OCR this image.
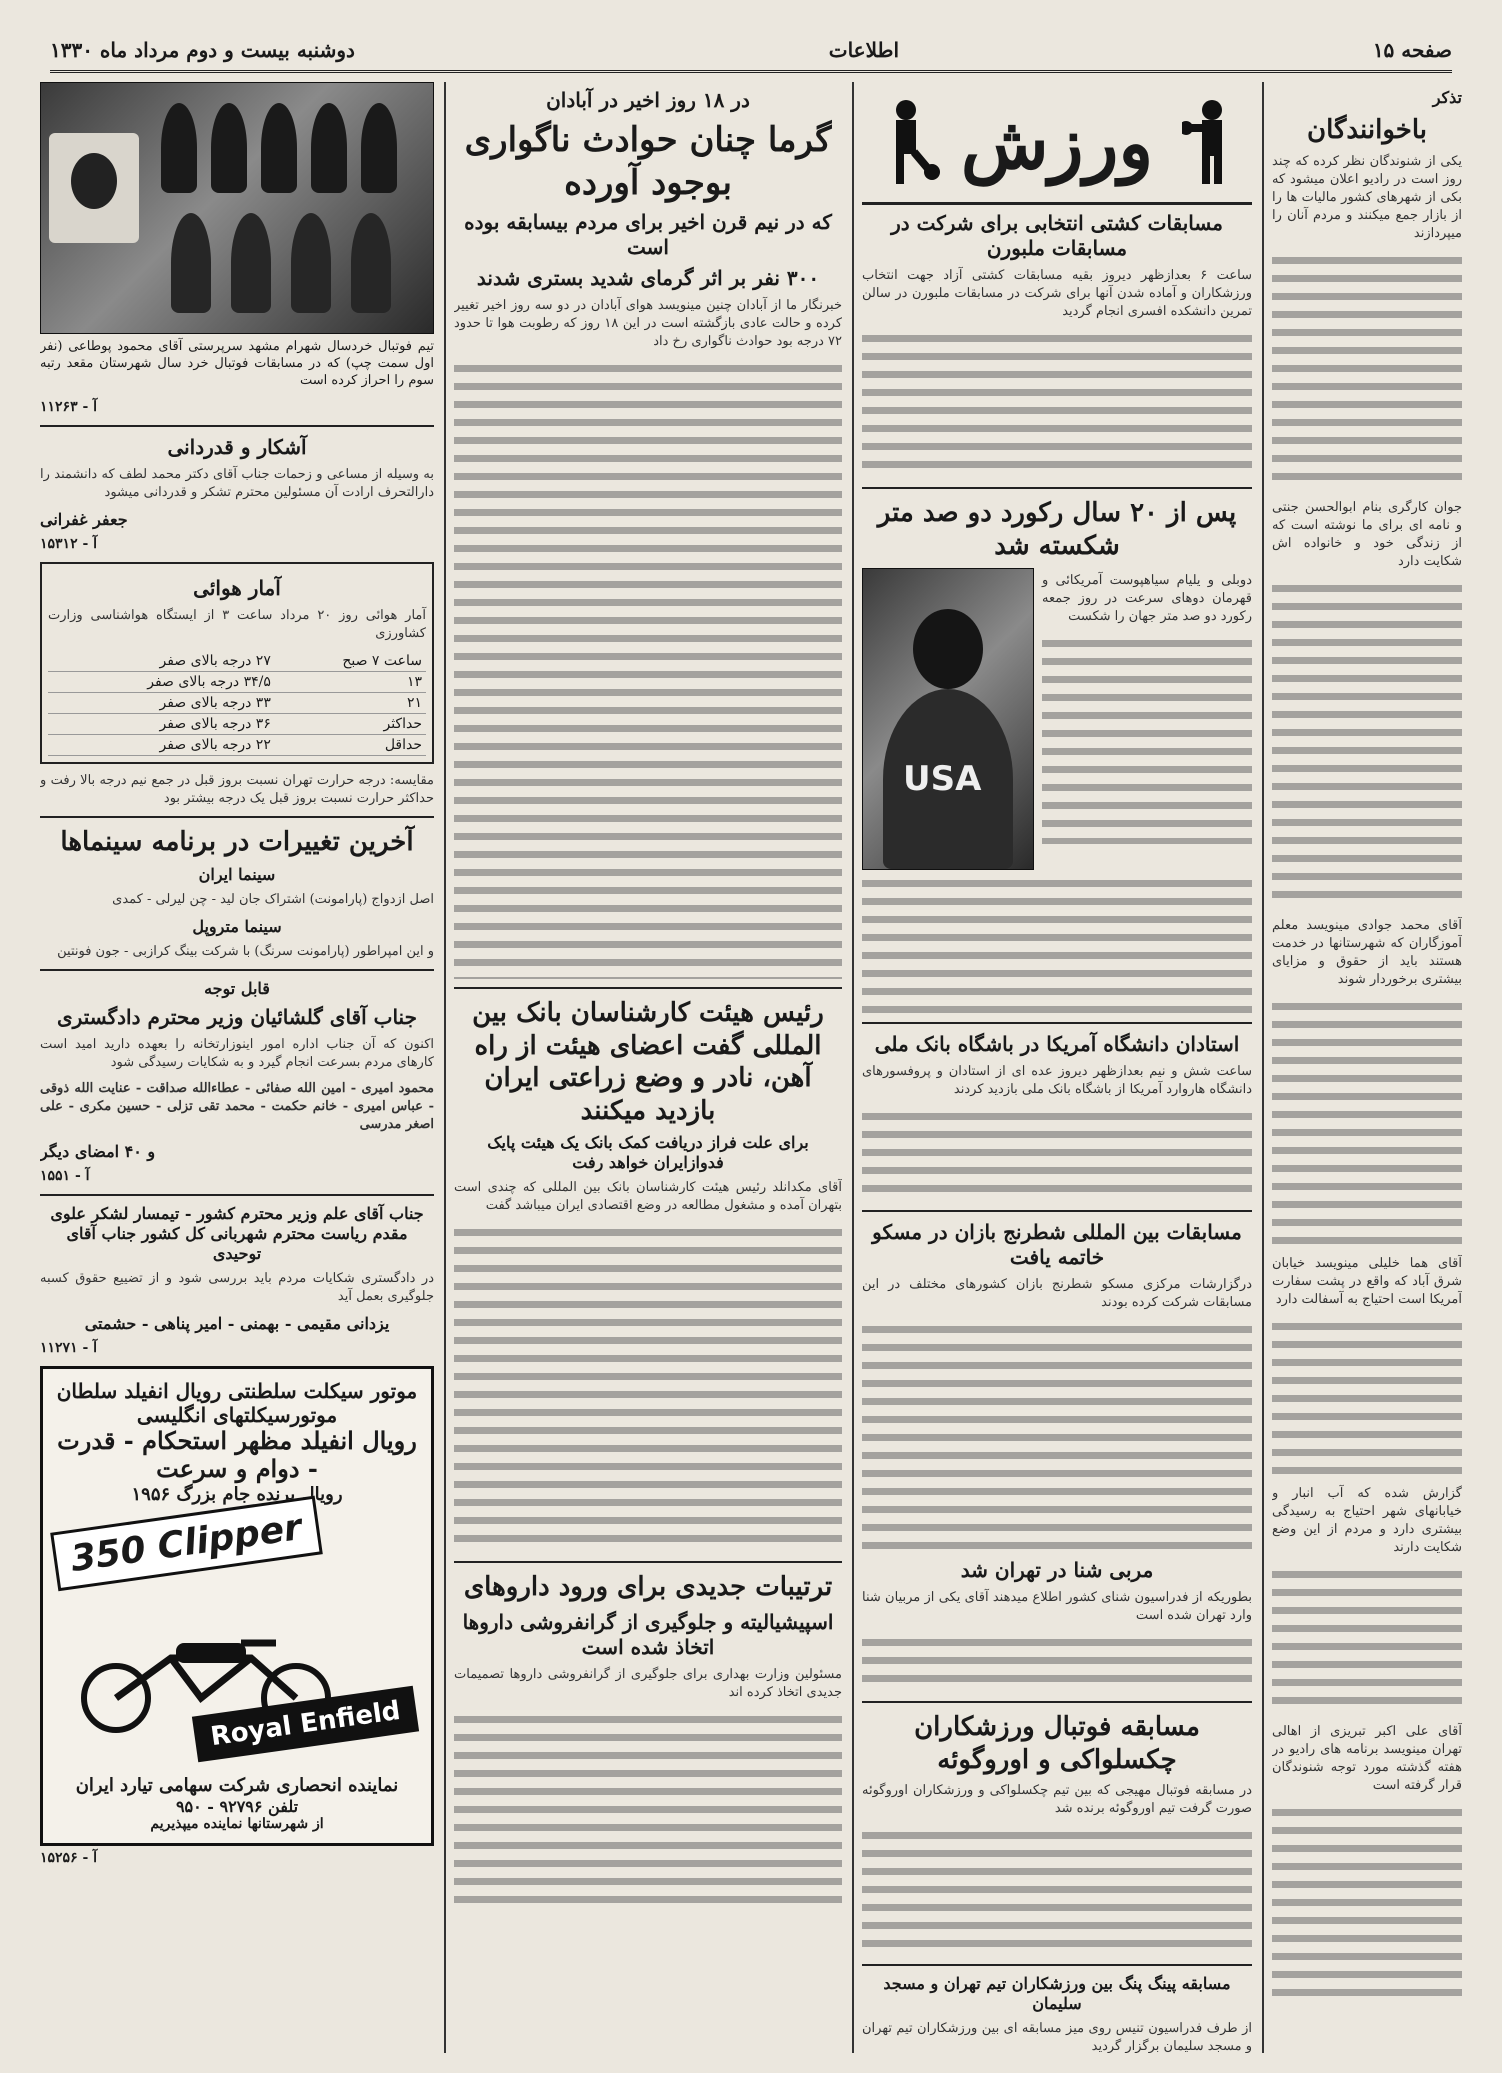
صفحه ۱۵
اطلاعات
دوشنبه بیست و دوم مرداد ماه ۱۳۳۰
تذکر
باخوانندگان
یکی از شنوندگان نظر کرده که چند روز است در رادیو اعلان میشود که بکی از شهرهای کشور مالیات ها را از بازار جمع میکنند و مردم آنان را میپردازند
جوان کارگری بنام ابوالحسن جنتی و نامه ای برای ما نوشته است که از زندگی خود و خانواده اش شکایت دارد
آقای محمد جوادی مینویسد معلم آموزگاران که شهرستانها در خدمت هستند باید از حقوق و مزایای بیشتری برخوردار شوند
آقای هما خلیلی مینویسد خیابان شرق آباد که واقع در پشت سفارت آمریکا است احتیاج به آسفالت دارد
گزارش شده که آب انبار و خیابانهای شهر احتیاج به رسیدگی بیشتری دارد و مردم از این وضع شکایت دارند
آقای علی اکبر تبریزی از اهالی تهران مینویسد برنامه های رادیو در هفته گذشته مورد توجه شنوندگان قرار گرفته است
ورزش
مسابقات کشتی انتخابی برای شرکت در مسابقات ملبورن
ساعت ۶ بعدازظهر دیروز بقیه مسابقات کشتی آزاد جهت انتخاب ورزشکاران و آماده شدن آنها برای شرکت در مسابقات ملبورن در سالن تمرین دانشکده افسری انجام گردید
پس از ۲۰ سال رکورد دو صد متر شکسته شد
دوبلی و یلیام سیاهپوست آمریکائی و قهرمان دوهای سرعت در روز جمعه رکورد دو صد متر جهان را شکست
USA
استادان دانشگاه آمریکا در باشگاه بانک ملی
ساعت شش و نیم بعدازظهر دیروز عده ای از استادان و پروفسورهای دانشگاه هاروارد آمریکا از باشگاه بانک ملی بازدید کردند
مسابقات بین المللی شطرنج بازان در مسکو خاتمه یافت
درگزارشات مرکزی مسکو شطرنج بازان کشورهای مختلف در این مسابقات شرکت کرده بودند
مربی شنا در تهران شد
بطوریکه از فدراسیون شنای کشور اطلاع میدهند آقای یکی از مربیان شنا وارد تهران شده است
مسابقه فوتبال ورزشکاران چکسلواکی و اوروگوئه
در مسابقه فوتبال مهیجی که بین تیم چکسلواکی و ورزشکاران اوروگوئه صورت گرفت تیم اوروگوئه برنده شد
مسابقه پینگ پنگ بین ورزشکاران تیم تهران و مسجد سلیمان
از طرف فدراسیون تنیس روی میز مسابقه ای بین ورزشکاران تیم تهران و مسجد سلیمان برگزار گردید
در ۱۸ روز اخیر در آبادان
گرما چنان حوادث ناگواری بوجود آورده
که در نیم قرن اخیر برای مردم بیسابقه بوده است
۳۰۰ نفر بر اثر گرمای شدید بستری شدند
خبرنگار ما از آبادان چنین مینویسد هوای آبادان در دو سه روز اخیر تغییر کرده و حالت عادی بازگشته است در این ۱۸ روز که رطوبت هوا تا حدود ۷۲ درجه بود حوادث ناگواری رخ داد
رئیس هیئت کارشناسان بانک بین المللی گفت اعضای هیئت از راه آهن، نادر و وضع زراعتی ایران بازدید میکنند
برای علت فراز دریافت کمک بانک یک هیئت پایک فدوازایران خواهد رفت
آقای مکدانلد رئیس هیئت کارشناسان بانک بین المللی که چندی است بتهران آمده و مشغول مطالعه در وضع اقتصادی ایران میباشد گفت
ترتیبات جدیدی برای ورود داروهای
اسپیشیالیته و جلوگیری از گرانفروشی داروها اتخاذ شده است
مسئولین وزارت بهداری برای جلوگیری از گرانفروشی داروها تصمیمات جدیدی اتخاذ کرده اند
تیم فوتبال خردسال شهرام مشهد سرپرستی آقای محمود پوطاعی (نفر اول سمت چپ) که در مسابقات فوتبال خرد سال شهرستان مقعد رتبه سوم را احراز کرده است
آ - ۱۱۲۶۳
آشکار و قدردانی
به وسیله از مساعی و زحمات جناب آقای دکتر محمد لطف که دانشمند را دارالتحرف ارادت آن مسئولین محترم تشکر و قدردانی میشود
جعفر غفرانی
آ - ۱۵۳۱۲
آمار هوائی
آمار هوائی روز ۲۰ مرداد ساعت ۳ از ایستگاه هواشناسی وزارت کشاورزی
ساعت ۷ صبح	۲۷ درجه بالای صفر
۱۳	۳۴/۵ درجه بالای صفر
۲۱	۳۳ درجه بالای صفر
حداکثر	۳۶ درجه بالای صفر
حداقل	۲۲ درجه بالای صفر
مقایسه: درجه حرارت تهران نسبت بروز قبل در جمع نیم درجه بالا رفت و حداکثر حرارت نسبت بروز قبل یک درجه بیشتر بود
آخرین تغییرات در برنامه سینماها
سینما ایران
اصل ازدواج (پارامونت) اشتراک جان لید - چن لیرلی - کمدی
سینما متروپل
و این امپراطور (پارامونت سرنگ) با شرکت بینگ کرازبی - جون فونتین
قابل توجه
جناب آقای گلشائیان وزیر محترم دادگستری
اکنون که آن جناب اداره امور اینوزارتخانه را بعهده دارید امید است کارهای مردم بسرعت انجام گیرد و به شکایات رسیدگی شود
محمود امیری - امین الله صفائی - عطاءالله صداقت - عنایت الله ذوقی - عباس امیری - خانم حکمت - محمد تقی تزلی - حسین مکری - علی اصغر مدرسی
و ۴۰ امضای دیگر
آ - ۱۵۵۱
جناب آقای علم وزیر محترم کشور - تیمسار لشکر علوی مقدم ریاست محترم شهربانی کل کشور جناب آقای توحیدی
در دادگستری شکایات مردم باید بررسی شود و از تضییع حقوق کسبه جلوگیری بعمل آید
یزدانی مقیمی - بهمنی - امیر پناهی - حشمتی
آ - ۱۱۲۷۱
موتور سیکلت سلطنتی رویال انفیلد سلطان موتورسیکلتهای انگلیسی
رویال انفیلد مظهر استحکام - قدرت - دوام و سرعت
رویال برنده جام بزرگ ۱۹۵۶
350 Clipper
Royal Enfield
نماینده انحصاری شرکت سهامی تیارد ایران
تلفن ۹۲۷۹۶ - ۹۵۰
از شهرستانها نماینده میپذیریم
آ - ۱۵۲۵۶
